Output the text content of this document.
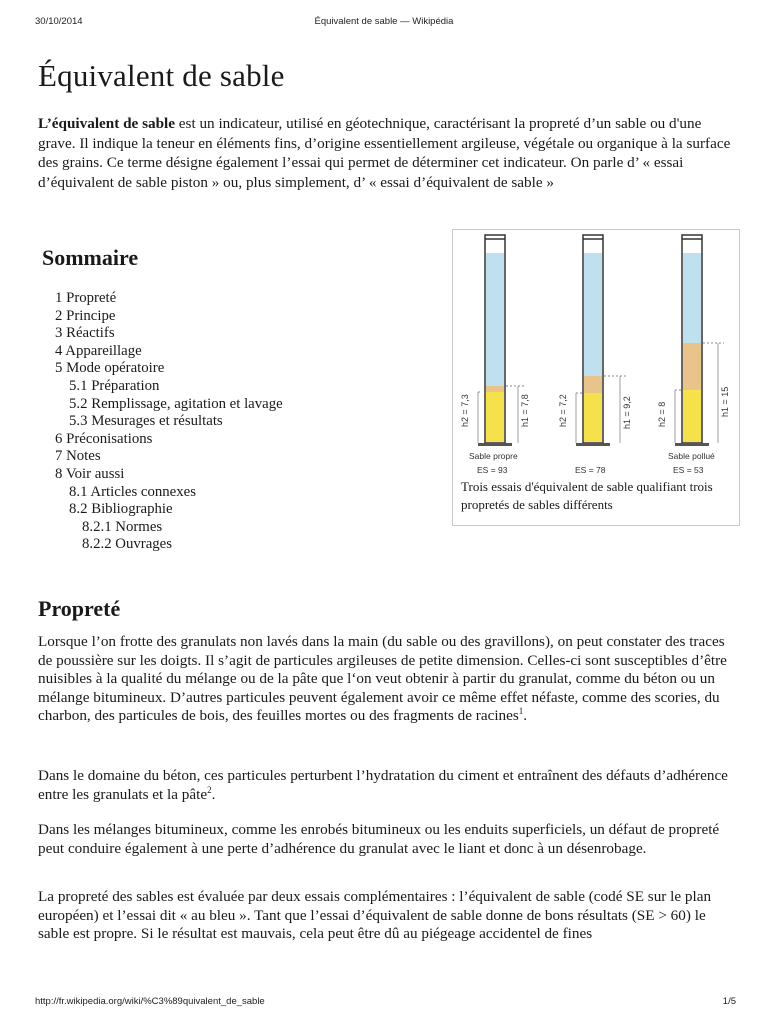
30/10/2014	Équivalent de sable — Wikipédia
Équivalent de sable

L’équivalent de sable est un indicateur, utilisé en géotechnique, caractérisant la propreté d’un sable ou d'une grave. Il indique la teneur en éléments fins, d’origine essentiellement argileuse, végétale ou organique à la surface des grains. Ce terme désigne également l’essai qui permet de déterminer cet indicateur. On parle d’ « essai d’équivalent de sable piston » ou, plus simplement, d’ « essai d’équivalent de sable »

Sommaire
1 Propreté
2 Principe
3 Réactifs
4 Appareillage
5 Mode opératoire
5.1 Préparation
5.2 Remplissage, agitation et lavage
5.3 Mesurages et résultats
6 Préconisations
7 Notes
8 Voir aussi
8.1 Articles connexes
8.2 Bibliographie
8.2.1 Normes
8.2.2 Ouvrages
h2 = 7,3	h1 = 7,8
Sable propre
ES = 93
h2 = 7,2	h1 = 9,2
ES = 78
h2 = 8	h1 = 15
Sable pollué
ES = 53

Trois essais d'équivalent de sable qualifiant trois propretés de sables différents

Propreté

Lorsque l’on frotte des granulats non lavés dans la main (du sable ou des gravillons), on peut constater des traces de poussière sur les doigts. Il s’agit de particules argileuses de petite dimension. Celles-ci sont susceptibles d’être nuisibles à la qualité du mélange ou de la pâte que l‘on veut obtenir à partir du granulat, comme du béton ou un mélange bitumineux. D’autres particules peuvent également avoir ce même effet néfaste, comme des scories, du charbon, des particules de bois, des feuilles mortes ou des fragments de racines$^1$.

Dans le domaine du béton, ces particules perturbent l’hydratation du ciment et entraînent des défauts d’adhérence entre les granulats et la pâte$^2$.

Dans les mélanges bitumineux, comme les enrobés bitumineux ou les enduits superficiels, un défaut de propreté peut conduire également à une perte d’adhérence du granulat avec le liant et donc à un désenrobage.

La propreté des sables est évaluée par deux essais complémentaires : l’équivalent de sable (codé SE sur le plan européen) et l’essai dit « au bleu ». Tant que l’essai d’équivalent de sable donne de bons résultats (SE > 60) le sable est propre. Si le résultat est mauvais, cela peut être dû au piégeage accidentel de fines

http://fr.wikipedia.org/wiki/%C3%89quivalent_de_sable	1/5
